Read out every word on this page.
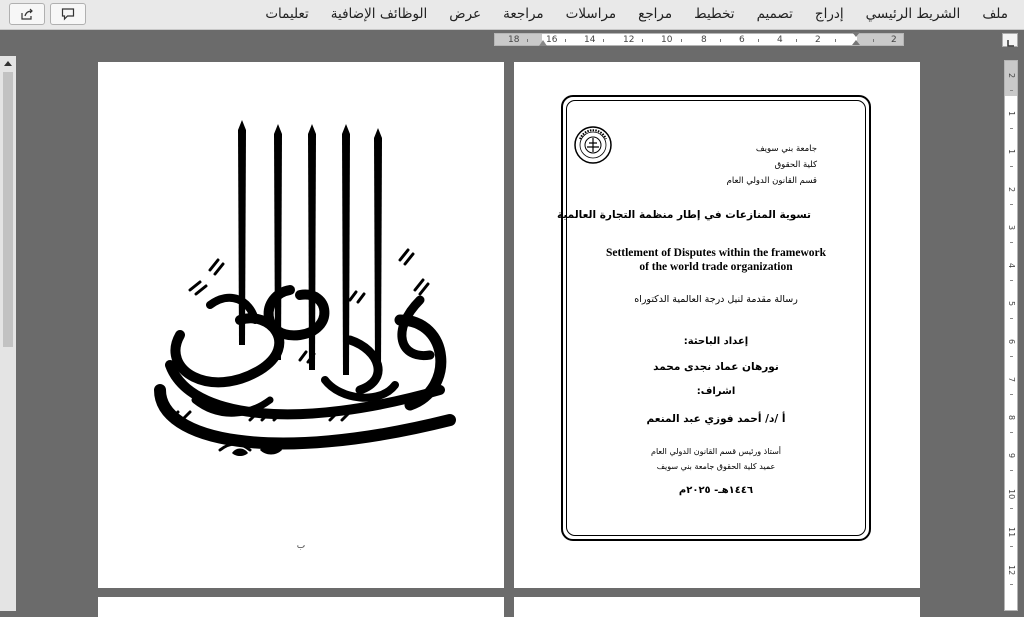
ملف
الشريط الرئيسي
إدراج
تصميم
تخطيط
مراجع
مراسلات
مراجعة
عرض
الوظائف الإضافية
تعليمات
18	16	14	12	10	8	6	4	2	2
2
1
1
2
3
4
5
6
7
8
9
10
11
12
ب
جامعة بني سويف
كلية الحقوق
قسم القانون الدولي العام
تسوية المنازعات في إطار منظمة التجارة العالمية
Settlement of Disputes within the framework
of the world trade organization
رسالة مقدمة لنيل درجة العالمية الدكتوراه
إعداد الباحثة:
نورهان عماد نجدى محمد
اشراف:
أ /د/ أحمد فوزي عبد المنعم
أستاذ ورئيس قسم القانون الدولي العام
عميد كلية الحقوق جامعة بني سويف
١٤٤٦هـ- ٢٠٢٥م
